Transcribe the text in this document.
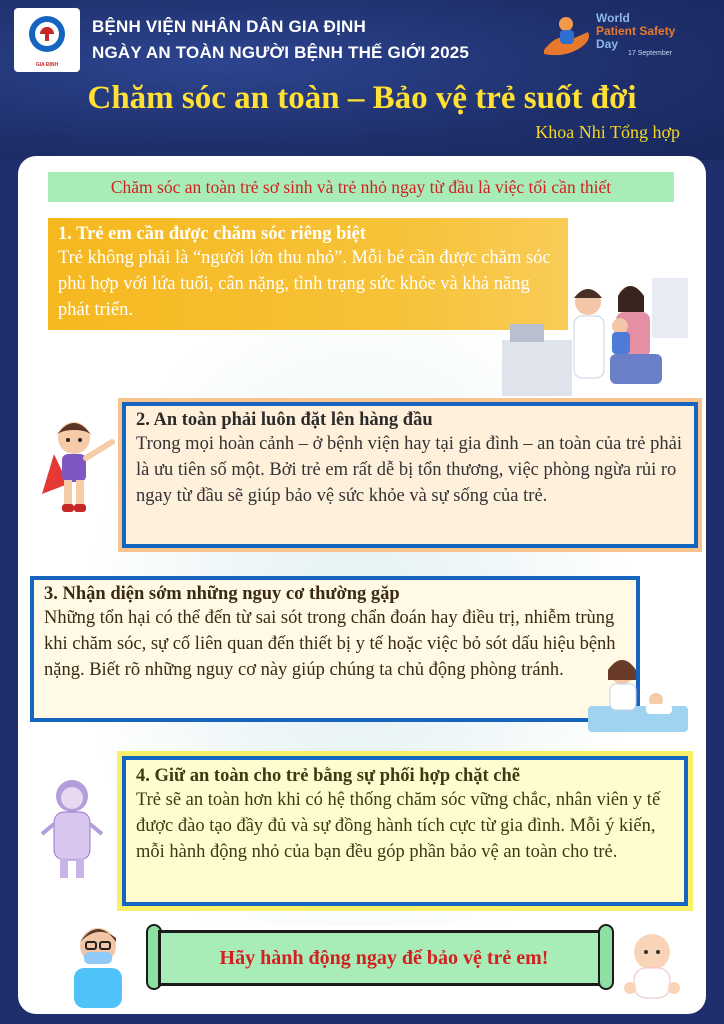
GIA ĐỊNH
BỆNH VIỆN NHÂN DÂN GIA ĐỊNH
NGÀY AN TOÀN NGƯỜI BỆNH THẾ GIỚI 2025
World
Patient Safety
Day
17 September
Chăm sóc an toàn – Bảo vệ trẻ suốt đời
Khoa Nhi Tổng hợp
Chăm sóc an toàn trẻ sơ sinh và trẻ nhỏ ngay từ đầu là việc tối cần thiết
1. Trẻ em cần được chăm sóc riêng biệt
Trẻ không phải là “người lớn thu nhỏ”. Mỗi bé cần được chăm sóc phù hợp với lứa tuổi, cân nặng, tình trạng sức khỏe và khả năng phát triển.
2. An toàn phải luôn đặt lên hàng đầu
Trong mọi hoàn cảnh – ở bệnh viện hay tại gia đình – an toàn của trẻ phải là ưu tiên số một. Bởi trẻ em rất dễ bị tổn thương, việc phòng ngừa rủi ro ngay từ đầu sẽ giúp bảo vệ sức khỏe và sự sống của trẻ.
3. Nhận diện sớm những nguy cơ thường gặp
Những tổn hại có thể đến từ sai sót trong chẩn đoán hay điều trị, nhiễm trùng khi chăm sóc, sự cố liên quan đến thiết bị y tế hoặc việc bỏ sót dấu hiệu bệnh nặng. Biết rõ những nguy cơ này giúp chúng ta chủ động phòng tránh.
4. Giữ an toàn cho trẻ bằng sự phối hợp chặt chẽ
Trẻ sẽ an toàn hơn khi có hệ thống chăm sóc vững chắc, nhân viên y tế được đào tạo đầy đủ và sự đồng hành tích cực từ gia đình. Mỗi ý kiến, mỗi hành động nhỏ của bạn đều góp phần bảo vệ an toàn cho trẻ.
Hãy hành động ngay để bảo vệ trẻ em!
